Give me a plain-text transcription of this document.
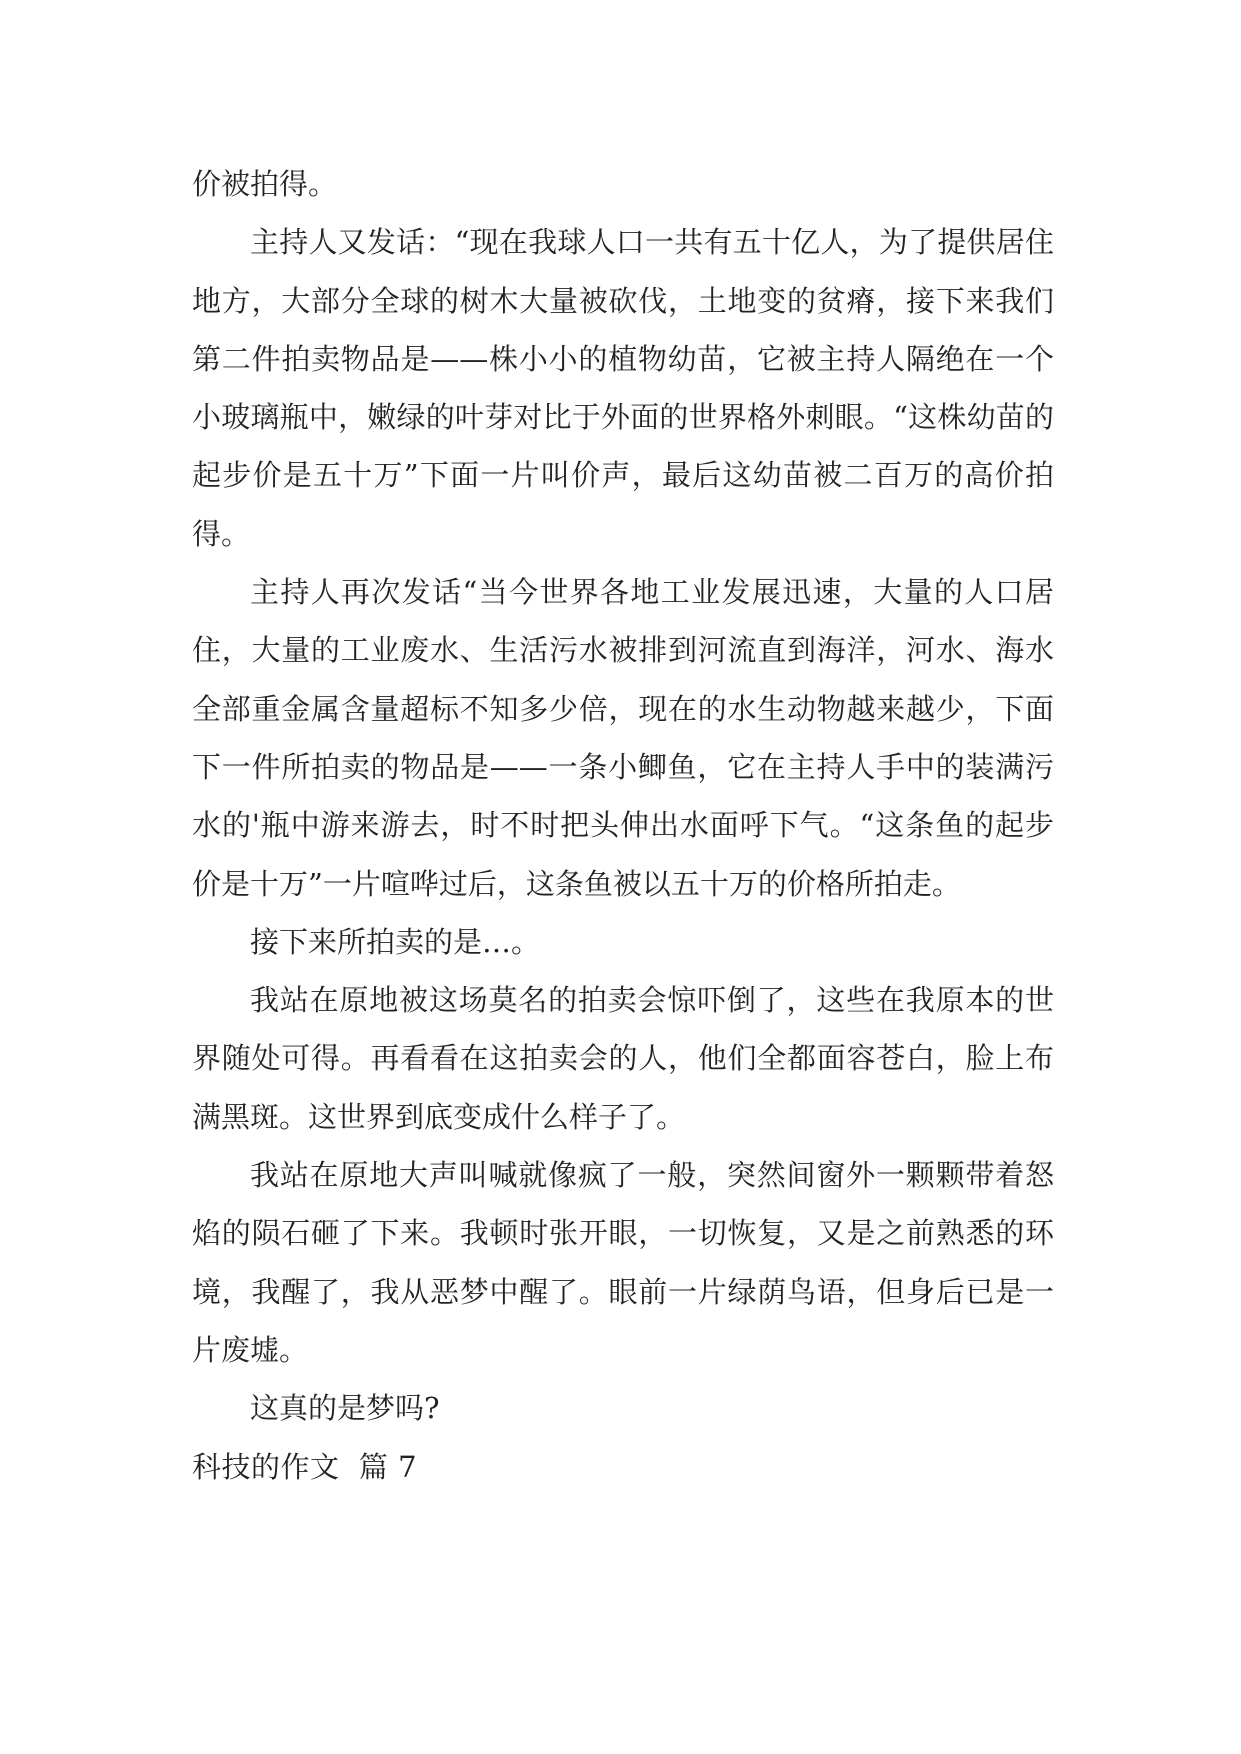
价被拍得。

主持人又发话：“现在我球人口一共有五十亿人，为了提供居住地方，大部分全球的树木大量被砍伐，土地变的贫瘠，接下来我们第二件拍卖物品是——株小小的植物幼苗，它被主持人隔绝在一个小玻璃瓶中，嫩绿的叶芽对比于外面的世界格外刺眼。“这株幼苗的起步价是五十万”下面一片叫价声，最后这幼苗被二百万的高价拍得。

主持人再次发话“当今世界各地工业发展迅速，大量的人口居住，大量的工业废水、生活污水被排到河流直到海洋，河水、海水全部重金属含量超标不知多少倍，现在的水生动物越来越少，下面下一件所拍卖的物品是——一条小鲫鱼，它在主持人手中的装满污水的'瓶中游来游去，时不时把头伸出水面呼下气。“这条鱼的起步价是十万”一片喧哗过后，这条鱼被以五十万的价格所拍走。

接下来所拍卖的是…。

我站在原地被这场莫名的拍卖会惊吓倒了，这些在我原本的世界随处可得。再看看在这拍卖会的人，他们全都面容苍白，脸上布满黑斑。这世界到底变成什么样子了。

我站在原地大声叫喊就像疯了一般，突然间窗外一颗颗带着怒焰的陨石砸了下来。我顿时张开眼，一切恢复，又是之前熟悉的环境，我醒了，我从恶梦中醒了。眼前一片绿荫鸟语，但身后已是一片废墟。

这真的是梦吗?

科技的作文  篇 7
